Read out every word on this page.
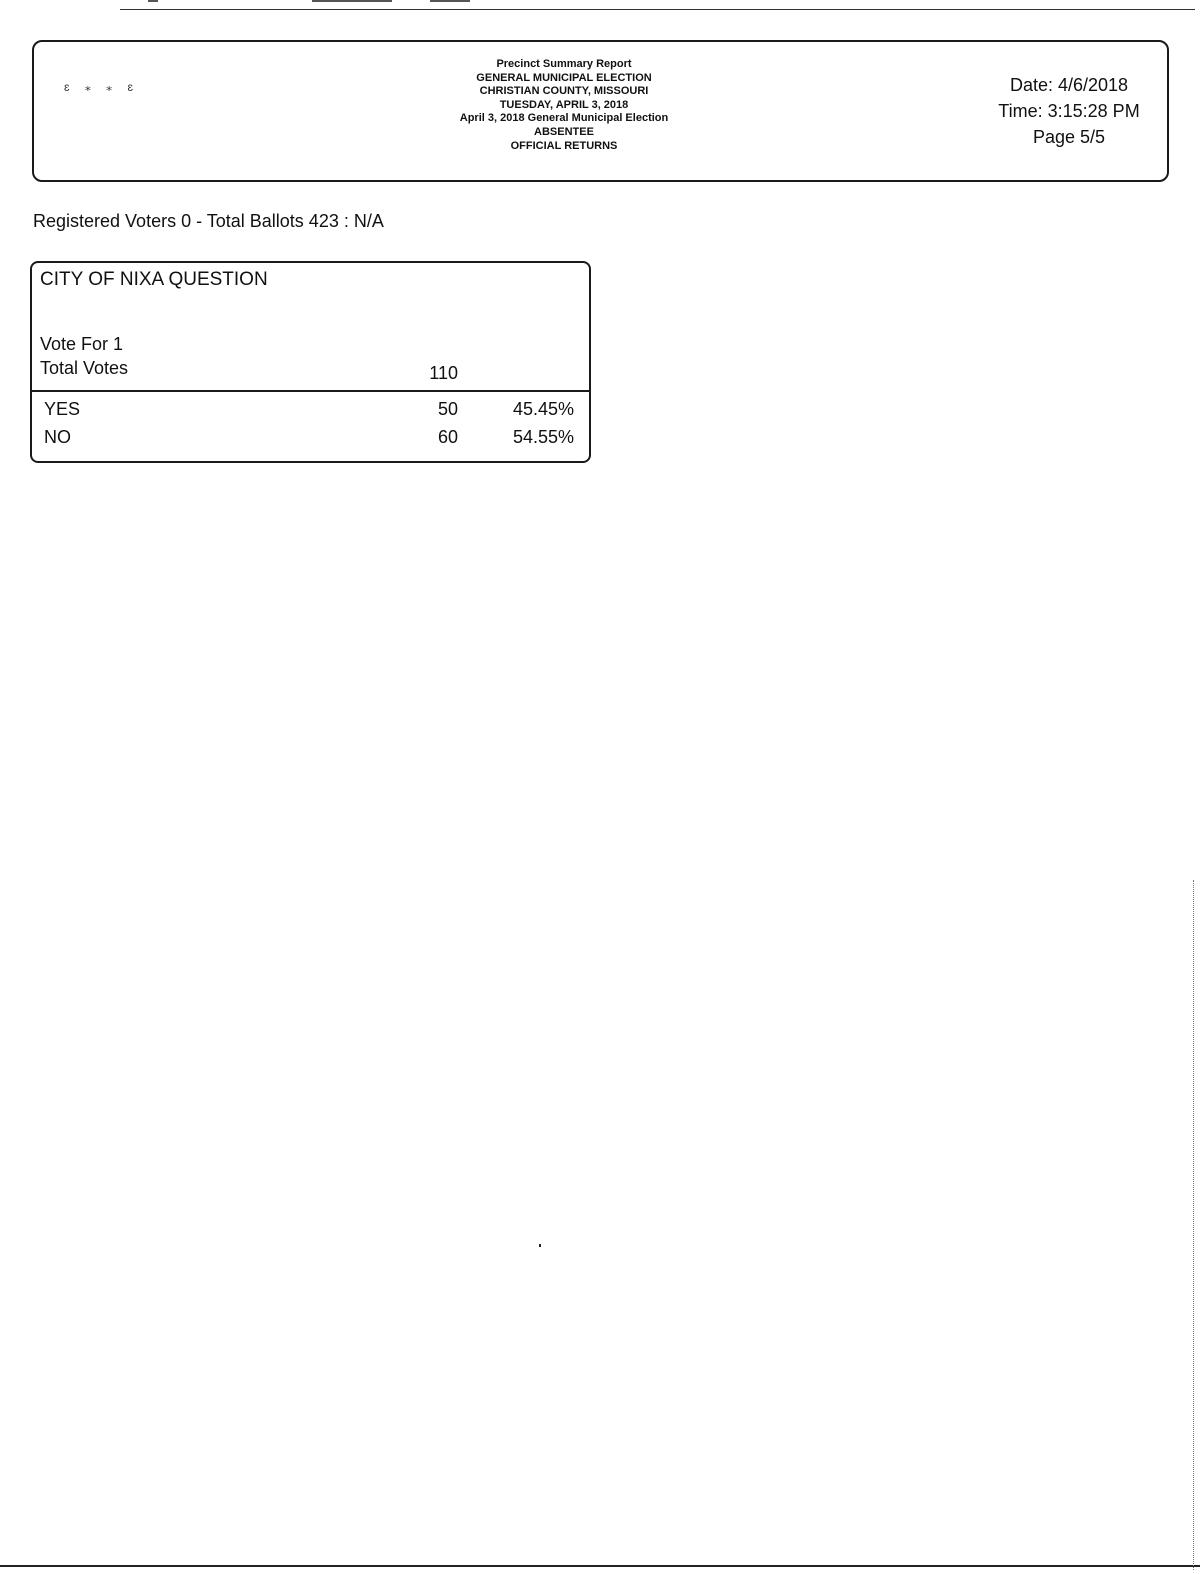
ɛ ⁎ ⁎ ɛ
Precinct Summary Report
GENERAL MUNICIPAL ELECTION
CHRISTIAN COUNTY, MISSOURI
TUESDAY, APRIL 3, 2018
April 3, 2018 General Municipal Election
ABSENTEE
OFFICIAL RETURNS
Date: 4/6/2018
Time: 3:15:28 PM
Page 5/5
Registered Voters 0 - Total Ballots 423 : N/A
CITY OF NIXA QUESTION
Vote For 1
Total Votes	110
YES	50	45.45%
NO	60	54.55%
